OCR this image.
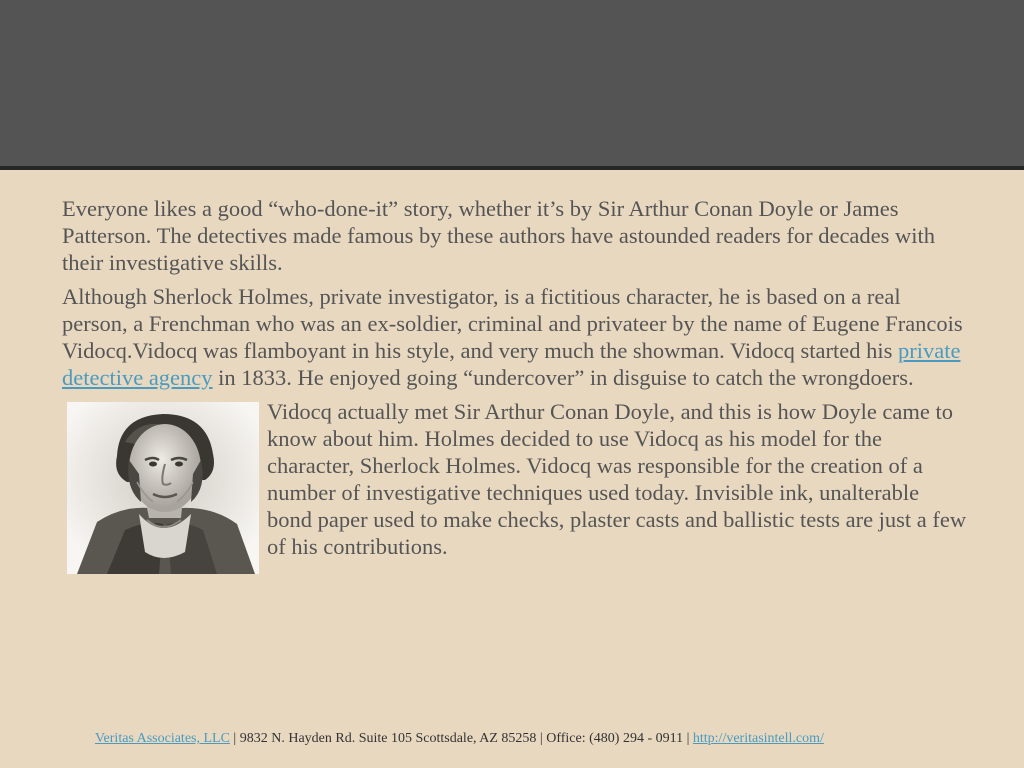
Everyone likes a good “who-done-it” story, whether it’s by Sir Arthur Conan Doyle or James Patterson. The detectives made famous by these authors have astounded readers for decades with their investigative skills.

Although Sherlock Holmes, private investigator, is a fictitious character, he is based on a real person, a Frenchman who was an ex-soldier, criminal and privateer by the name of Eugene Francois Vidocq.Vidocq was flamboyant in his style, and very much the showman. Vidocq started his private detective agency in 1833. He enjoyed going “undercover” in disguise to catch the wrongdoers.

Vidocq actually met Sir Arthur Conan Doyle, and this is how Doyle came to know about him. Holmes decided to use Vidocq as his model for the character, Sherlock Holmes. Vidocq was responsible for the creation of a number of investigative techniques used today. Invisible ink, unalterable bond paper used to make checks, plaster casts and ballistic tests are just a few of his contributions.

Veritas Associates, LLC | 9832 N. Hayden Rd. Suite 105 Scottsdale, AZ 85258 | Office: (480) 294 - 0911 | http://veritasintell.com/
